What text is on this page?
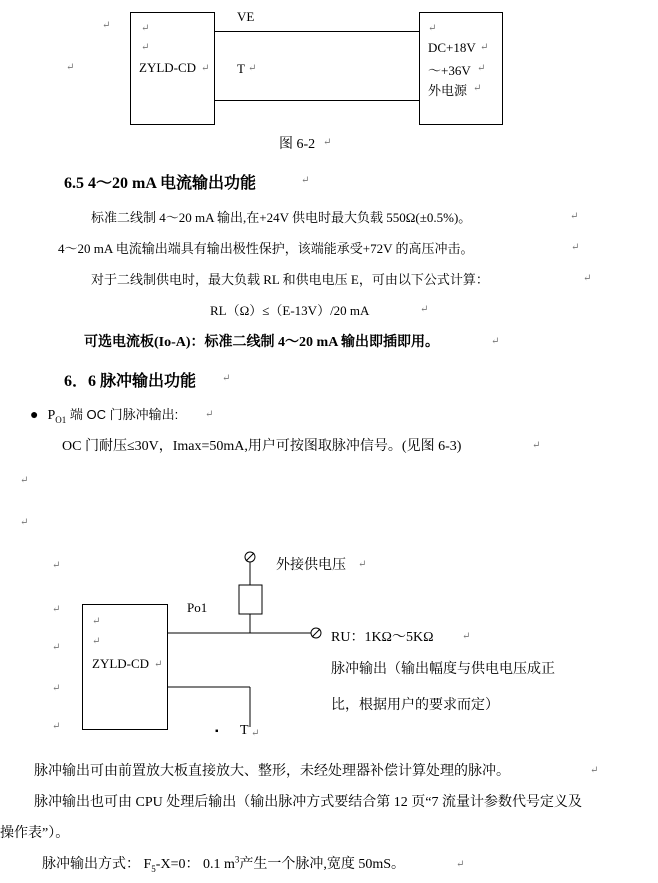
ZYLD-CD
VE
T
DC+18V
～+36V
外电源
图 6-2
↵
↵
↵
↵
↵	↵
↵
↵
↵
↵
↵
6.5 4～20 mA 电流输出功能	↵
标准二线制 4～20 mA 输出,在+24V 供电时最大负载 550Ω(±0.5%)。	↵
4～20 mA 电流输出端具有输出极性保护，该端能承受+72V 的高压冲击。	↵
对于二线制供电时，最大负载 RL 和供电电压 E，可由以下公式计算：	↵
RL（Ω）≤（E-13V）/20 mA	↵
可选电流板(Io-A)：标准二线制 4～20 mA 输出即插即用。	↵
6．6 脉冲输出功能	↵
● $P_{O1}$ 端 OC 门脉冲输出:	↵
OC 门耐压≤30V，Imax=50mA,用户可按图取脉冲信号。(见图 6-3)	↵
↵
↵
外接供电压 ↵
Po1
ZYLD-CD
↵
↵
↵
RU：1KΩ～5KΩ	↵
脉冲输出（输出幅度与供电电压成正
比，根据用户的要求而定）
▪ T ↵
↵
↵
↵
↵
↵
脉冲输出可由前置放大板直接放大、整形，未经处理器补偿计算处理的脉冲。	↵
脉冲输出也可由 CPU 处理后输出（输出脉冲方式要结合第 12 页“7 流量计参数代号定义及
操作表”）。
脉冲输出方式： $F_5-X=0$： 0.1 $m^3$产生一个脉冲,宽度 50mS。	↵
